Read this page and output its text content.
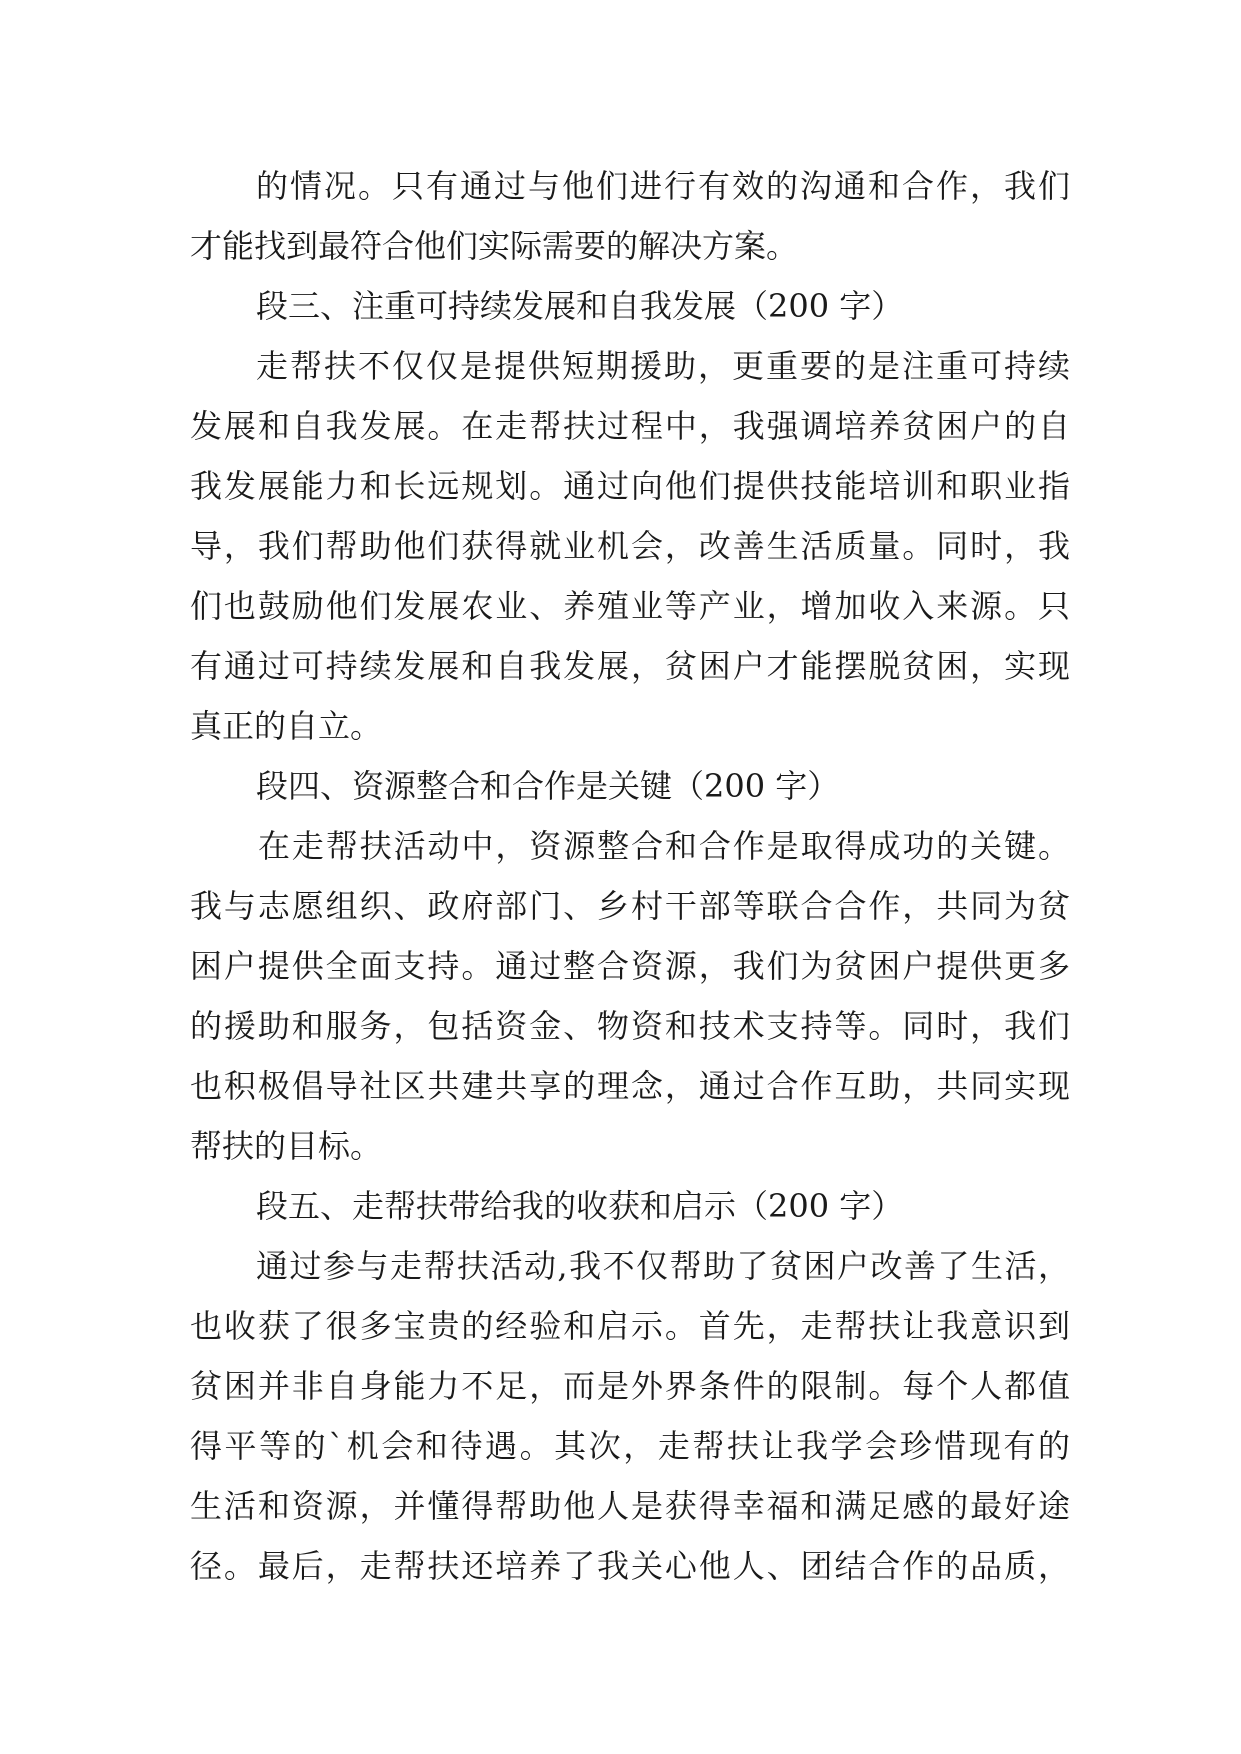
的情况。只有通过与他们进行有效的沟通和合作，我们
才能找到最符合他们实际需要的解决方案。
段三、注重可持续发展和自我发展（200 字）
走帮扶不仅仅是提供短期援助，更重要的是注重可持续
发展和自我发展。在走帮扶过程中，我强调培养贫困户的自
我发展能力和长远规划。通过向他们提供技能培训和职业指
导，我们帮助他们获得就业机会，改善生活质量。同时，我
们也鼓励他们发展农业、养殖业等产业，增加收入来源。只
有通过可持续发展和自我发展，贫困户才能摆脱贫困，实现
真正的自立。
段四、资源整合和合作是关键（200 字）
在走帮扶活动中，资源整合和合作是取得成功的关键。
我与志愿组织、政府部门、乡村干部等联合合作，共同为贫
困户提供全面支持。通过整合资源，我们为贫困户提供更多
的援助和服务，包括资金、物资和技术支持等。同时，我们
也积极倡导社区共建共享的理念，通过合作互助，共同实现
帮扶的目标。
段五、走帮扶带给我的收获和启示（200 字）
通过参与走帮扶活动,我不仅帮助了贫困户改善了生活，
也收获了很多宝贵的经验和启示。首先，走帮扶让我意识到
贫困并非自身能力不足，而是外界条件的限制。每个人都值
得平等的`机会和待遇。其次，走帮扶让我学会珍惜现有的
生活和资源，并懂得帮助他人是获得幸福和满足感的最好途
径。最后，走帮扶还培养了我关心他人、团结合作的品质，
